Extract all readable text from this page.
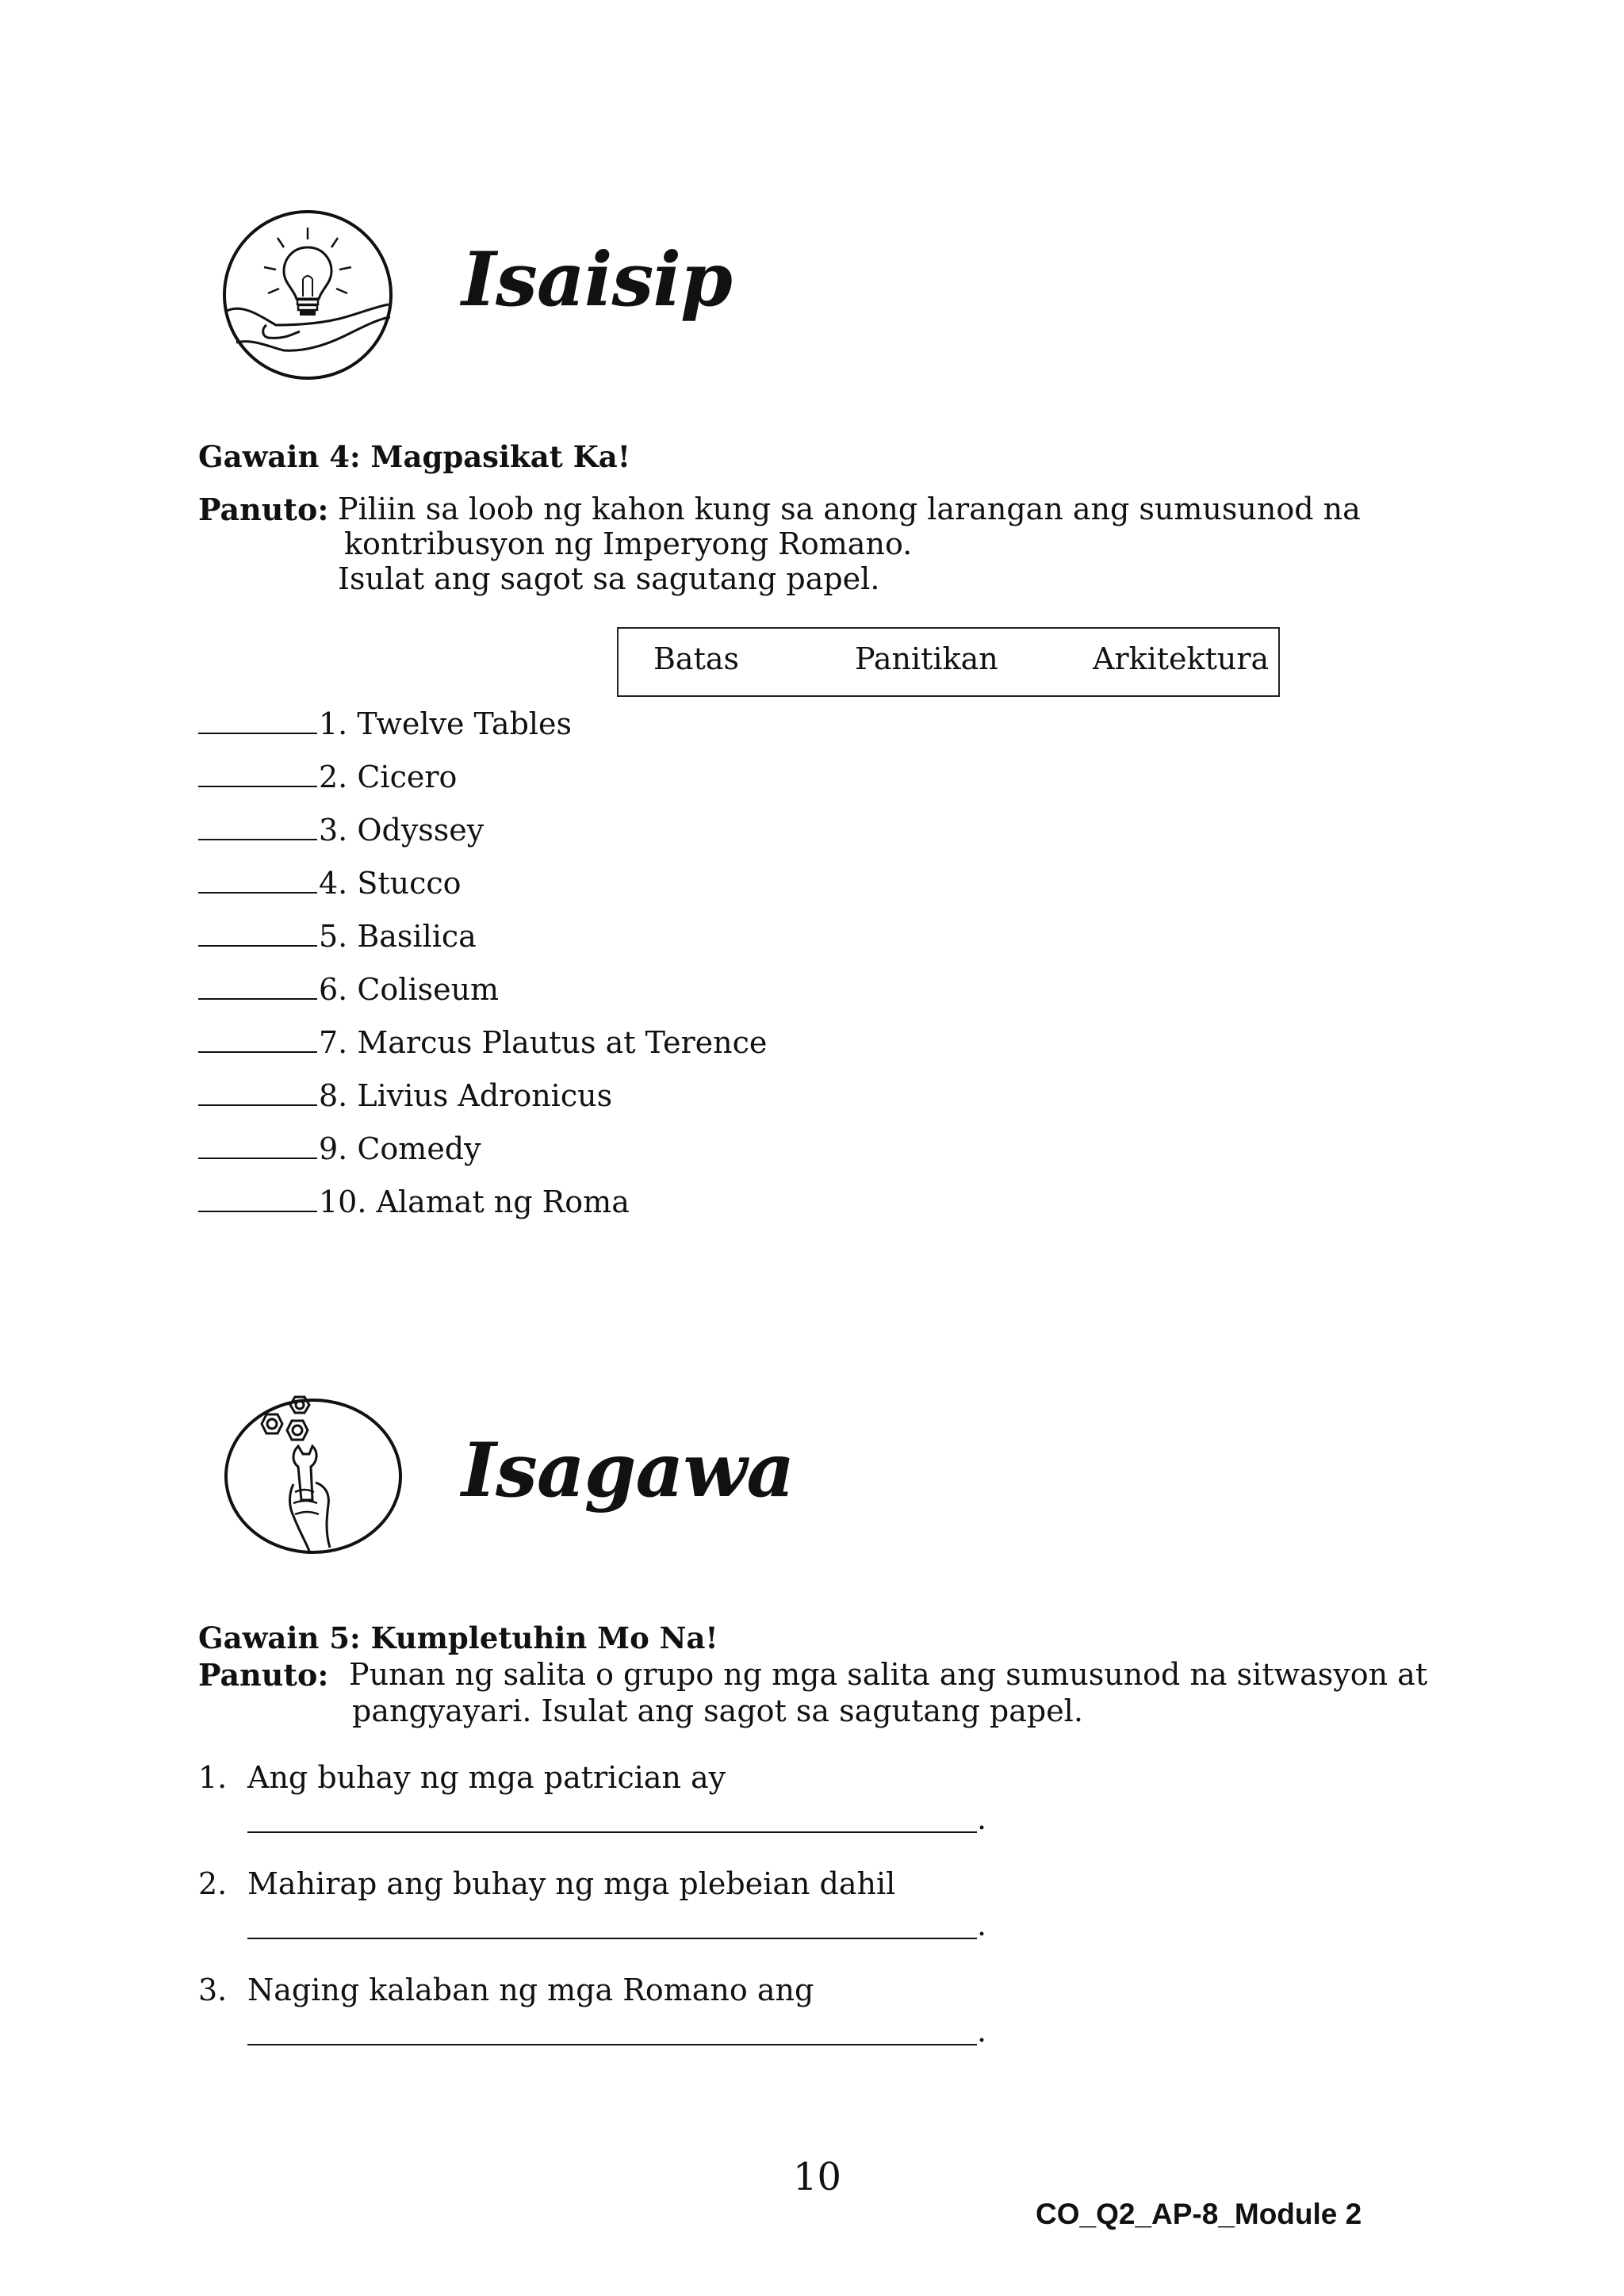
Isaisip
Gawain 4: Magpasikat Ka!
Panuto: Piliin sa loob ng kahon kung sa anong larangan ang sumusunod na
kontribusyon ng Imperyong Romano.
Isulat ang sagot sa sagutang papel.
Batas	Panitikan	Arkitektura
1. Twelve Tables
2. Cicero
3. Odyssey
4. Stucco
5. Basilica
6. Coliseum
7. Marcus Plautus at Terence
8. Livius Adronicus
9. Comedy
10. Alamat ng Roma
Isagawa
Gawain 5: Kumpletuhin Mo Na!
Panuto: Punan ng salita o grupo ng mga salita ang sumusunod na sitwasyon at
pangyayari. Isulat ang sagot sa sagutang papel.
1. Ang buhay ng mga patrician ay
.
2. Mahirap ang buhay ng mga plebeian dahil
.
3. Naging kalaban ng mga Romano ang
.
10
CO_Q2_AP-8_Module 2
